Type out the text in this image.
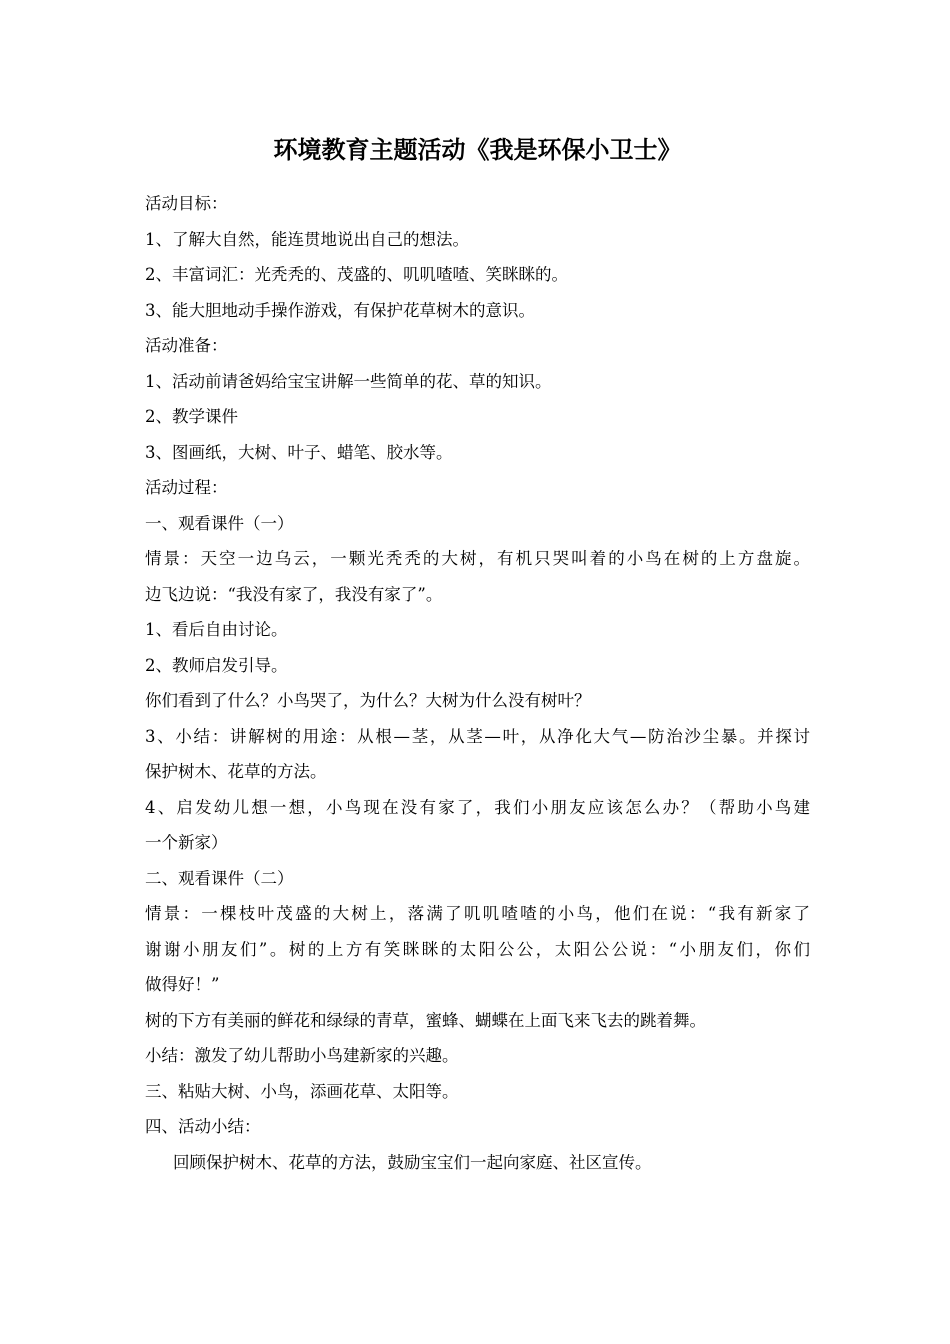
环境教育主题活动《我是环保小卫士》
活动目标：
1、了解大自然，能连贯地说出自己的想法。
2、丰富词汇：光秃秃的、茂盛的、叽叽喳喳、笑眯眯的。
3、能大胆地动手操作游戏，有保护花草树木的意识。
活动准备：
1、活动前请爸妈给宝宝讲解一些简单的花、草的知识。
2、教学课件
3、图画纸，大树、叶子、蜡笔、胶水等。
活动过程：
一、观看课件（一）
情景：天空一边乌云，一颗光秃秃的大树，有机只哭叫着的小鸟在树的上方盘旋。
边飞边说：“我没有家了，我没有家了”。
1、看后自由讨论。
2、教师启发引导。
你们看到了什么？小鸟哭了，为什么？大树为什么没有树叶？
3、小结：讲解树的用途：从根—茎，从茎—叶，从净化大气—防治沙尘暴。并探讨
保护树木、花草的方法。
4、启发幼儿想一想，小鸟现在没有家了，我们小朋友应该怎么办？（帮助小鸟建
一个新家）
二、观看课件（二）
情景：一棵枝叶茂盛的大树上，落满了叽叽喳喳的小鸟，他们在说：“我有新家了
谢谢小朋友们”。树的上方有笑眯眯的太阳公公，太阳公公说：“小朋友们，你们
做得好！”
树的下方有美丽的鲜花和绿绿的青草，蜜蜂、蝴蝶在上面飞来飞去的跳着舞。
小结：激发了幼儿帮助小鸟建新家的兴趣。
三、粘贴大树、小鸟，添画花草、太阳等。
四、活动小结：
回顾保护树木、花草的方法，鼓励宝宝们一起向家庭、社区宣传。
